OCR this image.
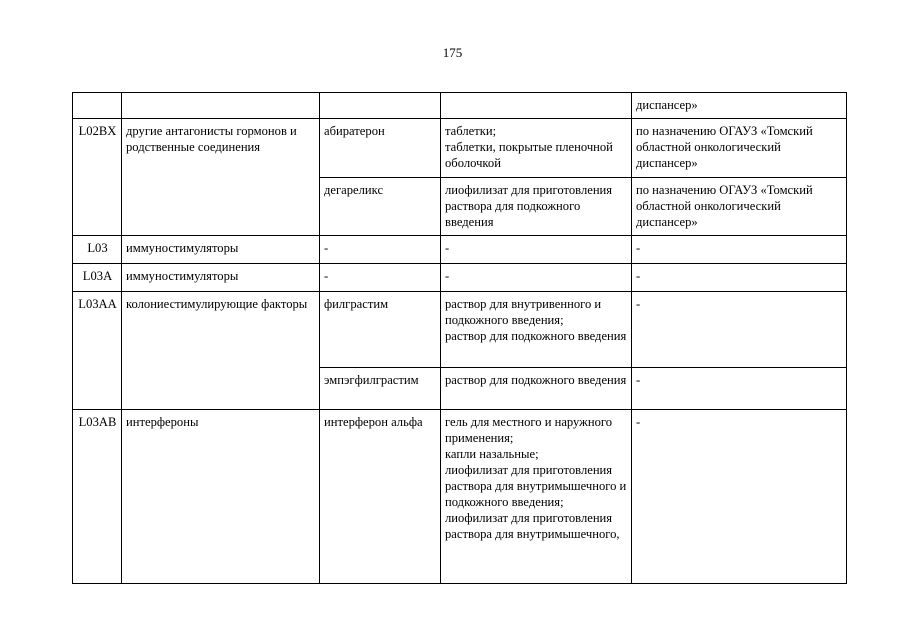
175

				диспансер»

L02BX	другие антагонисты гормонов и родственные соединения	абиратерон	таблетки;
таблетки, покрытые пленочной оболочкой	по назначению ОГАУЗ «Томский областной онкологический диспансер»

		дегареликс	лиофилизат для приготовления раствора для подкожного введения	по назначению ОГАУЗ «Томский областной онкологический диспансер»

L03	иммуностимуляторы	-	-	-

L03A	иммуностимуляторы	-	-	-

L03AA	колониестимулирующие факторы	филграстим	раствор для внутривенного и подкожного введения;
раствор для подкожного введения	-

		эмпэгфилграстим	раствор для подкожного введения	-

L03AB	интерфероны	интерферон альфа	гель для местного и наружного применения;
капли назальные;
лиофилизат для приготовления раствора для внутримышечного и подкожного введения;
лиофилизат для приготовления раствора для внутримышечного,	-
